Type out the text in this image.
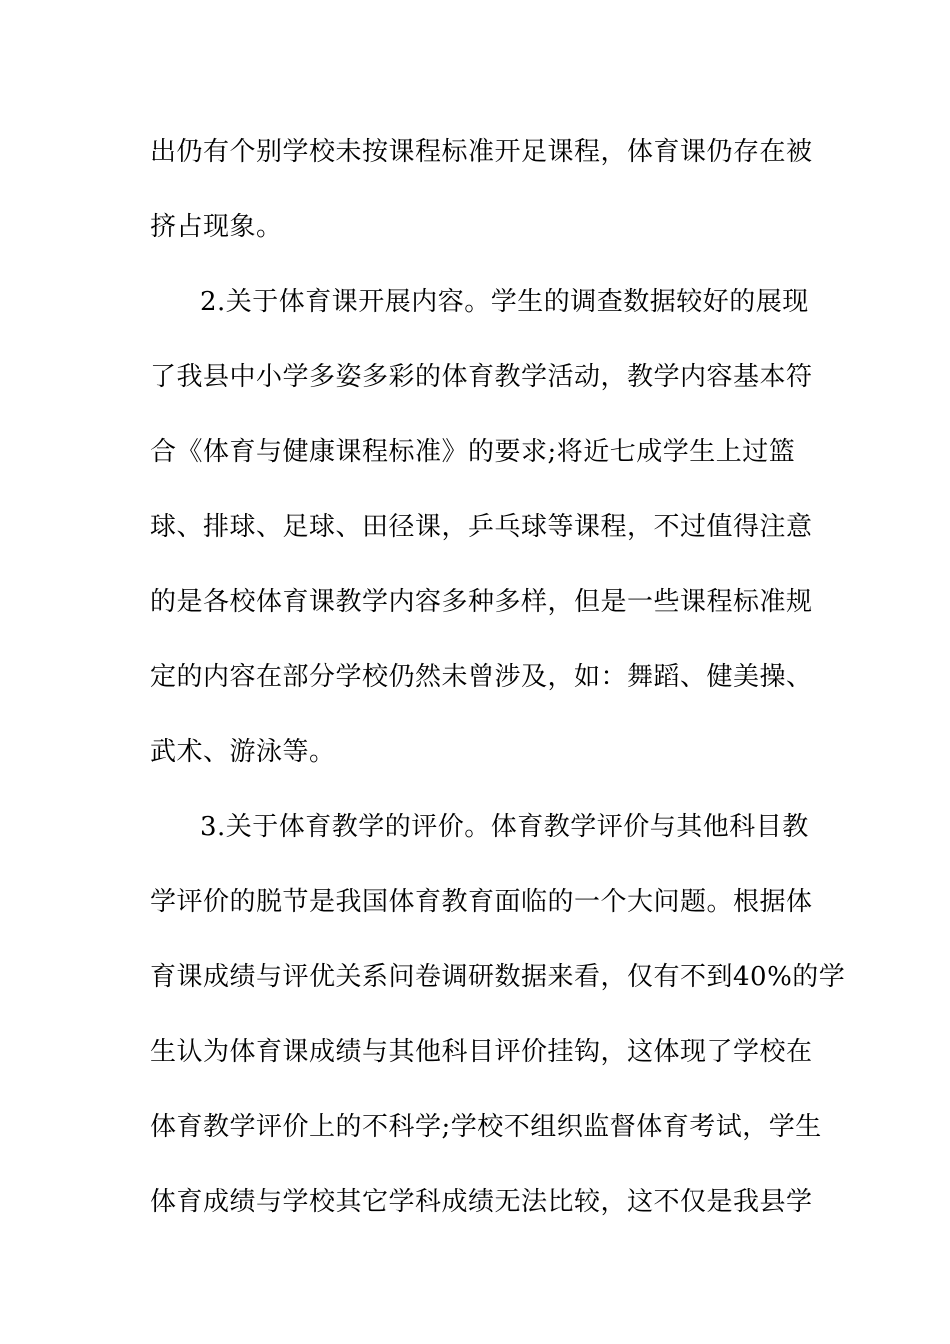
出仍有个别学校未按课程标准开足课程，体育课仍存在被
挤占现象。
2.关于体育课开展内容。学生的调查数据较好的展现
了我县中小学多姿多彩的体育教学活动，教学内容基本符
合《体育与健康课程标准》的要求;将近七成学生上过篮
球、排球、足球、田径课，乒乓球等课程，不过值得注意
的是各校体育课教学内容多种多样，但是一些课程标准规
定的内容在部分学校仍然未曾涉及，如：舞蹈、健美操、
武术、游泳等。
3.关于体育教学的评价。体育教学评价与其他科目教
学评价的脱节是我国体育教育面临的一个大问题。根据体
育课成绩与评优关系问卷调研数据来看，仅有不到40%的学
生认为体育课成绩与其他科目评价挂钩，这体现了学校在
体育教学评价上的不科学;学校不组织监督体育考试，学生
体育成绩与学校其它学科成绩无法比较，这不仅是我县学
